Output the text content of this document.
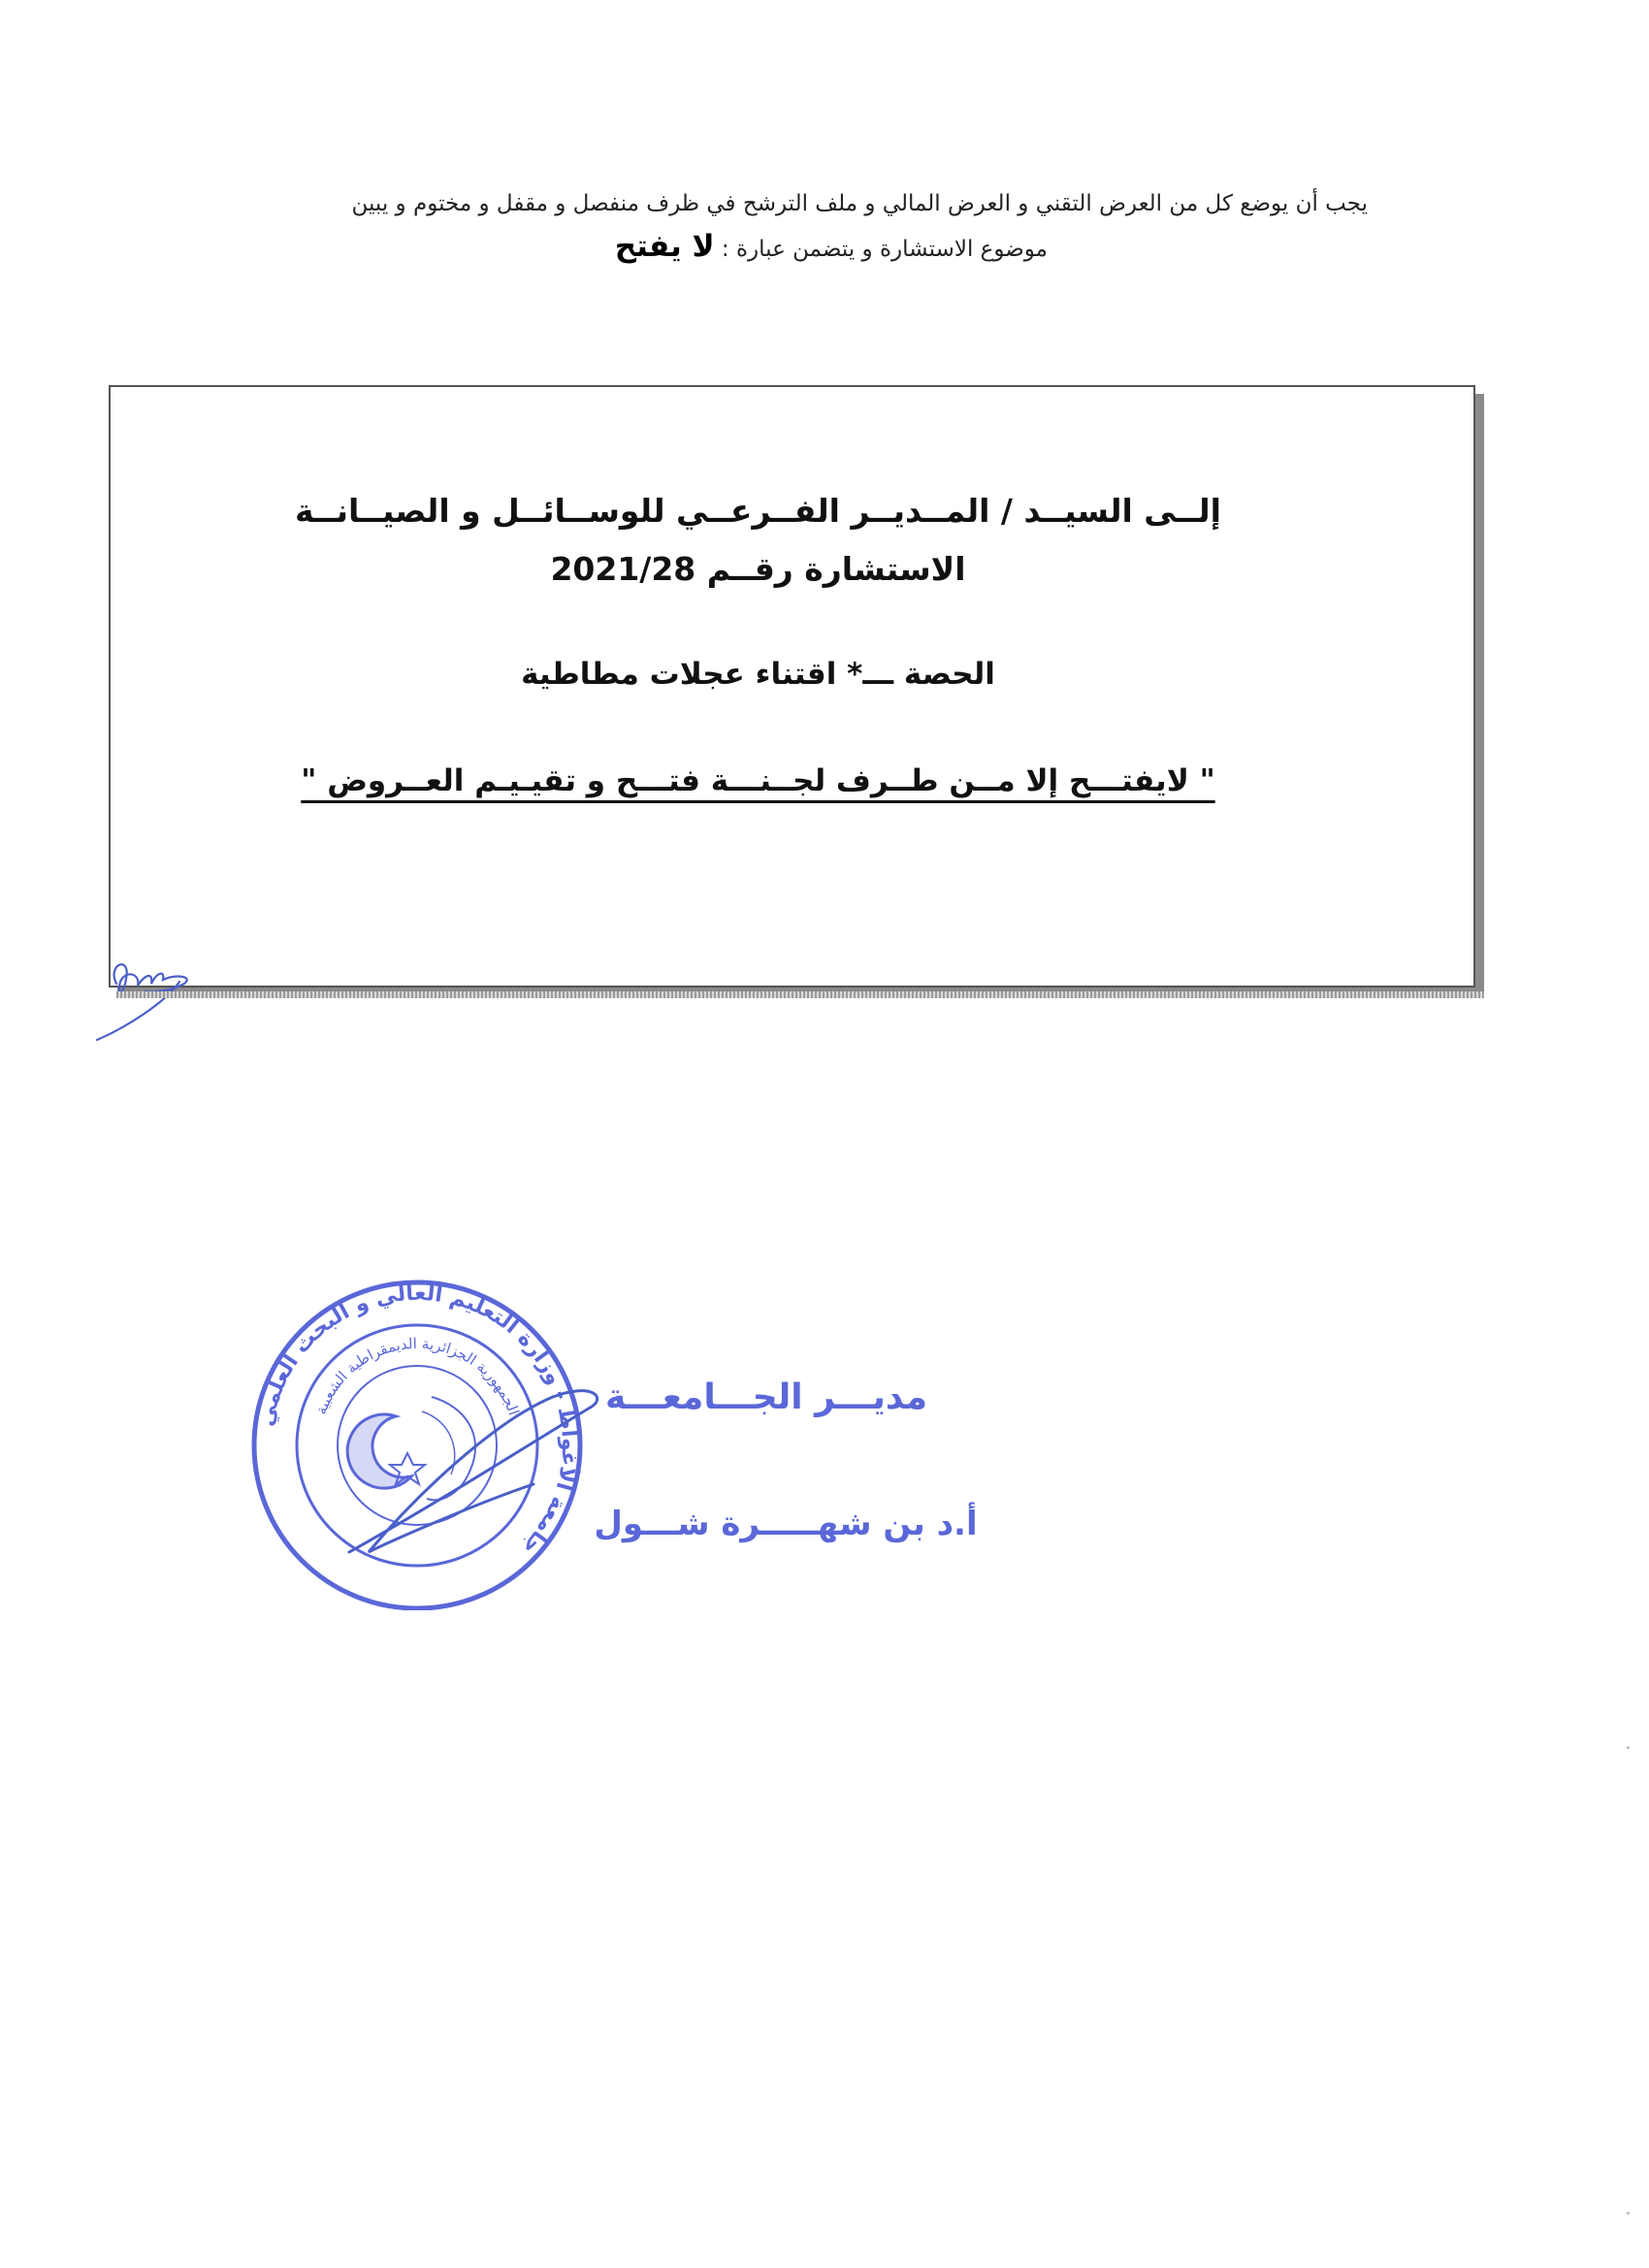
يجب أن يوضع كل من العرض التقني و العرض المالي و ملف الترشح في ظرف منفصل و مقفل و مختوم و يبين
موضوع الاستشارة و يتضمن عبارة : لا يفتح
إلــى السيــد / المــديــر الفــرعــي للوســائــل و الصيــانــة
الاستشارة رقــم 2021/28
الحصة ـــ* اقتناء عجلات مطاطية
" لايفتـــح إلا مــن طــرف لجــنـــة فتـــح و تقيـيـم العــروض "
جامعة الأغواط - وزارة التعليم العالي و البحث العلمي
الجمهورية الجزائرية الديمقراطية الشعبية	مديـــر الجـــامعـــة
أ.د بن شهـــــرة شـــول
